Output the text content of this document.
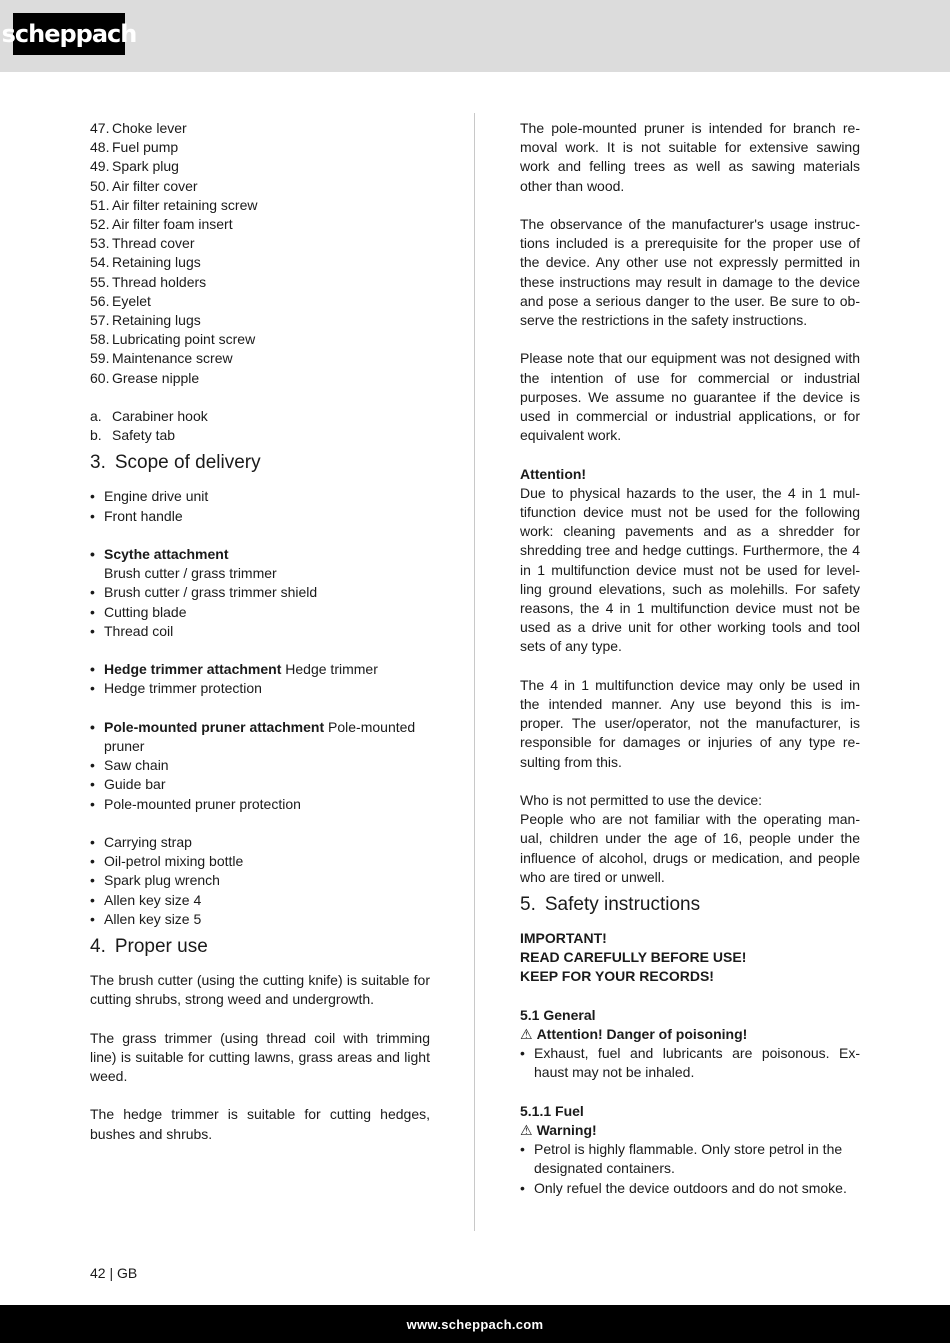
scheppach
47. Choke lever
48. Fuel pump
49. Spark plug
50. Air filter cover
51. Air filter retaining screw
52. Air filter foam insert
53. Thread cover
54. Retaining lugs
55. Thread holders
56. Eyelet
57. Retaining lugs
58. Lubricating point screw
59. Maintenance screw
60. Grease nipple
a. Carabiner hook
b. Safety tab
3. Scope of delivery
• Engine drive unit
• Front handle
• Scythe attachment
Brush cutter / grass trimmer
• Brush cutter / grass trimmer shield
• Cutting blade
• Thread coil
• Hedge trimmer attachment Hedge trimmer
• Hedge trimmer protection
• Pole-mounted pruner attachment Pole-mounted pruner
• Saw chain
• Guide bar
• Pole-mounted pruner protection
• Carrying strap
• Oil-petrol mixing bottle
• Spark plug wrench
• Allen key size 4
• Allen key size 5
4. Proper use

The brush cutter (using the cutting knife) is suitable for cutting shrubs, strong weed and undergrowth.

The grass trimmer (using thread coil with trimming line) is suitable for cutting lawns, grass areas and light weed.

The hedge trimmer is suitable for cutting hedges, bushes and shrubs.

The pole-mounted pruner is intended for branch re-moval work. It is not suitable for extensive sawing work and felling trees as well as sawing materials other than wood.

The observance of the manufacturer's usage instruc-tions included is a prerequisite for the proper use of the device. Any other use not expressly permitted in these instructions may result in damage to the device and pose a serious danger to the user. Be sure to ob-serve the restrictions in the safety instructions.

Please note that our equipment was not designed with the intention of use for commercial or industrial purposes. We assume no guarantee if the device is used in commercial or industrial applications, or for equivalent work.

Attention!

Due to physical hazards to the user, the 4 in 1 mul-tifunction device must not be used for the following work: cleaning pavements and as a shredder for shredding tree and hedge cuttings. Furthermore, the 4 in 1 multifunction device must not be used for level-ling ground elevations, such as molehills. For safety reasons, the 4 in 1 multifunction device must not be used as a drive unit for other working tools and tool sets of any type.

The 4 in 1 multifunction device may only be used in the intended manner. Any use beyond this is im-proper. The user/operator, not the manufacturer, is responsible for damages or injuries of any type re-sulting from this.

Who is not permitted to use the device:

People who are not familiar with the operating man-ual, children under the age of 16, people under the influence of alcohol, drugs or medication, and people who are tired or unwell.

5. Safety instructions
IMPORTANT!
READ CAREFULLY BEFORE USE!
KEEP FOR YOUR RECORDS!
5.1 General
⚠ Attention! Danger of poisoning!
• Exhaust, fuel and lubricants are poisonous. Ex-haust may not be inhaled.
5.1.1 Fuel
⚠ Warning!
• Petrol is highly flammable. Only store petrol in the designated containers.
• Only refuel the device outdoors and do not smoke.
42 | GB
www.scheppach.com
